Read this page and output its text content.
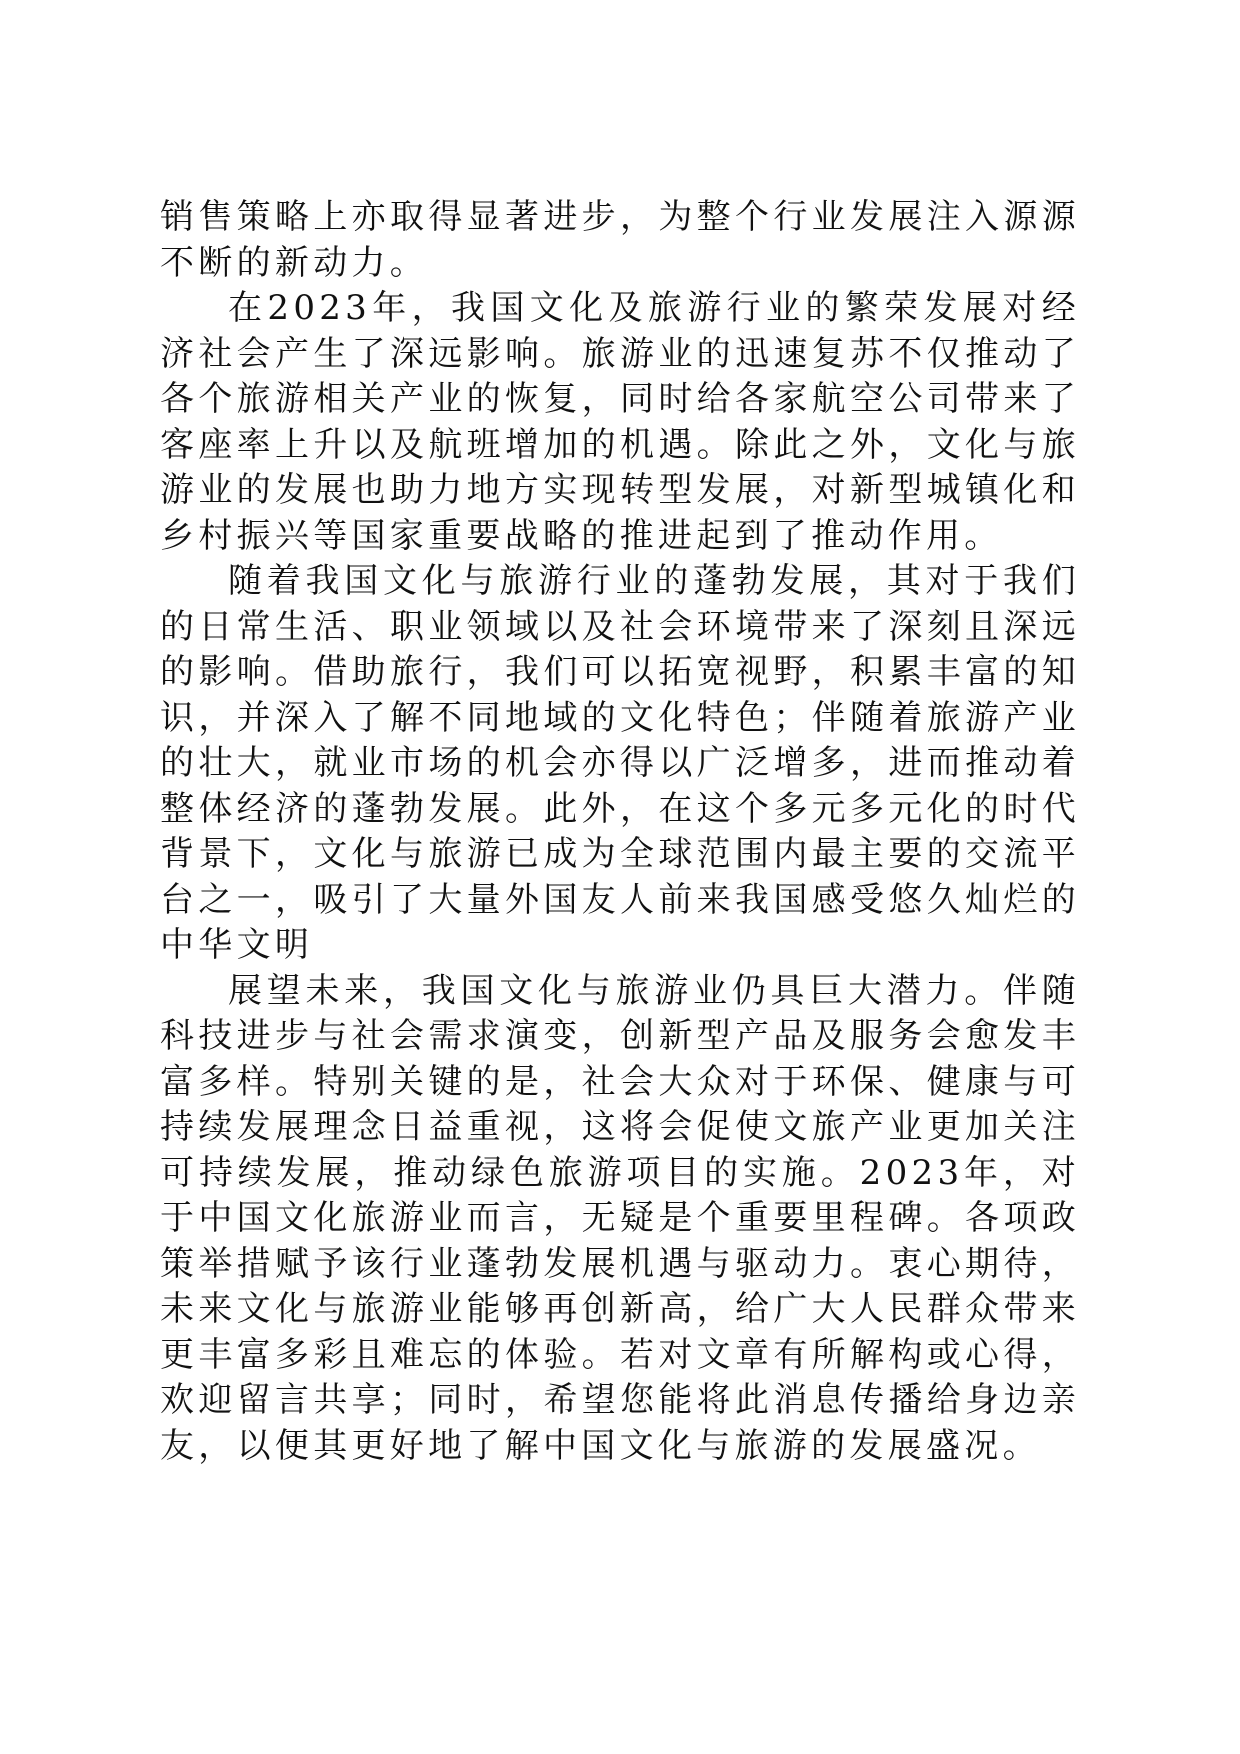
销售策略上亦取得显著进步，为整个行业发展注入源源不断的新动力。

在2023年，我国文化及旅游行业的繁荣发展对经济社会产生了深远影响。旅游业的迅速复苏不仅推动了各个旅游相关产业的恢复，同时给各家航空公司带来了客座率上升以及航班增加的机遇。除此之外，文化与旅游业的发展也助力地方实现转型发展，对新型城镇化和乡村振兴等国家重要战略的推进起到了推动作用。

随着我国文化与旅游行业的蓬勃发展，其对于我们的日常生活、职业领域以及社会环境带来了深刻且深远的影响。借助旅行，我们可以拓宽视野，积累丰富的知识，并深入了解不同地域的文化特色；伴随着旅游产业的壮大，就业市场的机会亦得以广泛增多，进而推动着整体经济的蓬勃发展。此外，在这个多元多元化的时代背景下，文化与旅游已成为全球范围内最主要的交流平台之一，吸引了大量外国友人前来我国感受悠久灿烂的中华文明

展望未来，我国文化与旅游业仍具巨大潜力。伴随科技进步与社会需求演变，创新型产品及服务会愈发丰富多样。特别关键的是，社会大众对于环保、健康与可持续发展理念日益重视，这将会促使文旅产业更加关注可持续发展，推动绿色旅游项目的实施。2023年，对于中国文化旅游业而言，无疑是个重要里程碑。各项政策举措赋予该行业蓬勃发展机遇与驱动力。衷心期待，未来文化与旅游业能够再创新高，给广大人民群众带来更丰富多彩且难忘的体验。若对文章有所解构或心得，欢迎留言共享；同时，希望您能将此消息传播给身边亲友，以便其更好地了解中国文化与旅游的发展盛况。
